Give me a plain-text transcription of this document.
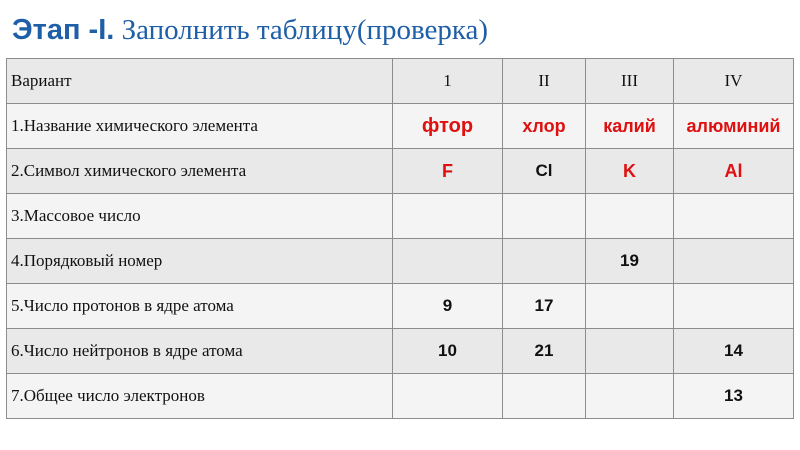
Этап -I. Заполнить таблицу(проверка)
Вариант	1	II	III	IV
1.Название химического элемента	фтор	хлор	калий	алюминий
2.Символ химического элемента	F	Cl	K	Al
3.Массовое число				
4.Порядковый номер			19	
5.Число протонов в ядре атома	9	17		
6.Число нейтронов в ядре атома	10	21		14
7.Общее число электронов				13
